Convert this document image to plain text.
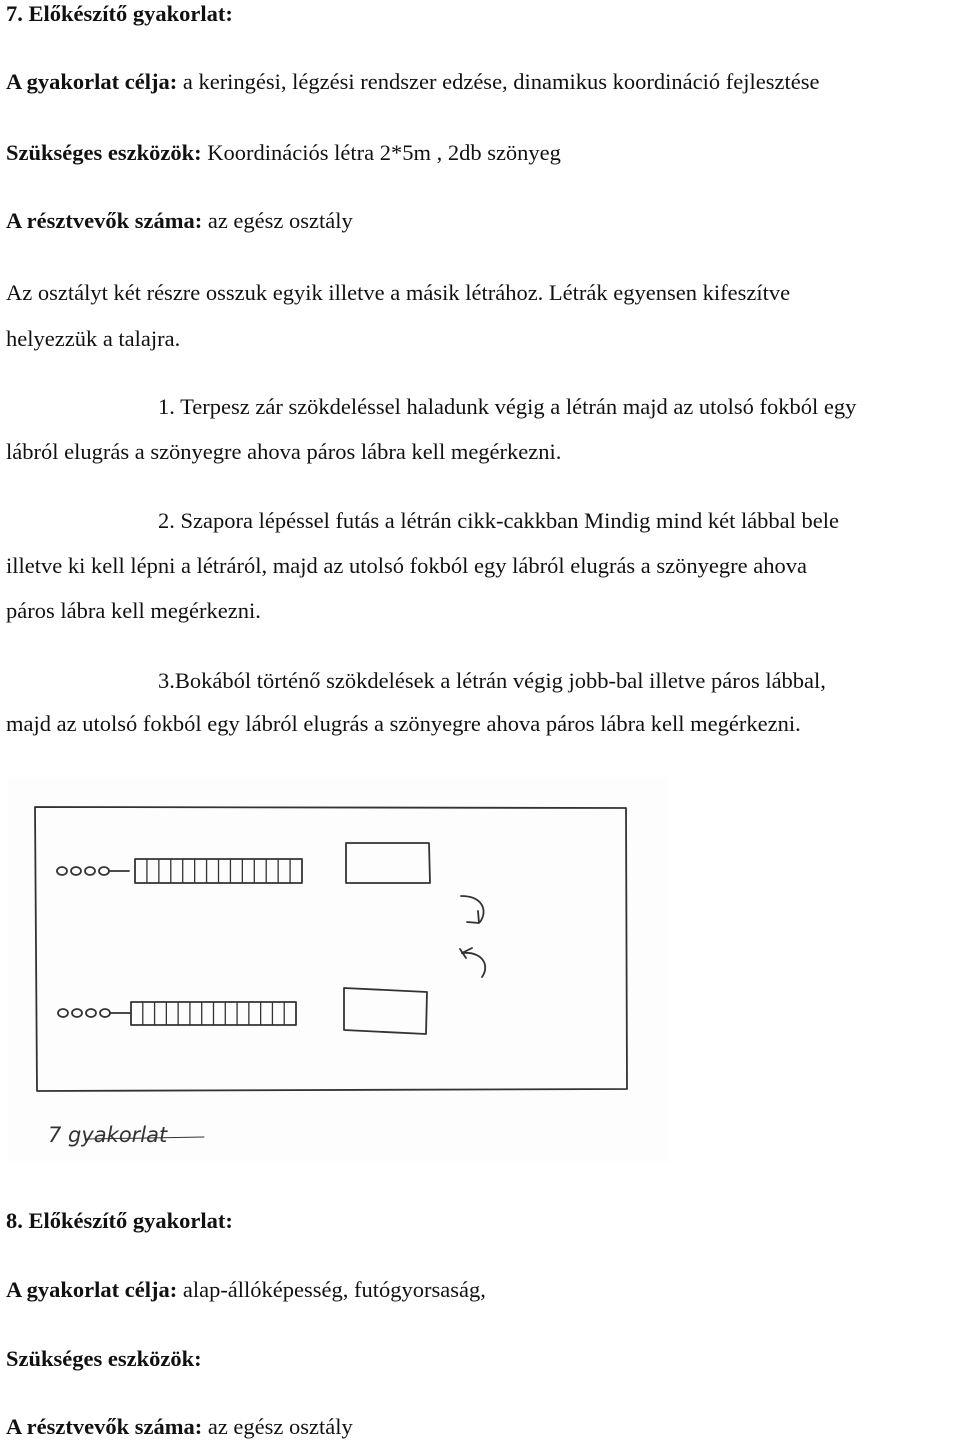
7. Előkészítő gyakorlat:
A gyakorlat célja: a keringési, légzési rendszer edzése, dinamikus koordináció fejlesztése
Szükséges eszközök: Koordinációs létra 2*5m , 2db szönyeg
A résztvevők száma: az egész osztály
Az osztályt két részre osszuk egyik illetve a másik létrához. Létrák egyensen kifeszítve
helyezzük a talajra.
1. Terpesz zár szökdeléssel haladunk végig a létrán majd az utolsó fokból egy
lábról elugrás a szönyegre ahova páros lábra kell megérkezni.
2. Szapora lépéssel futás a létrán cikk-cakkban Mindig mind két lábbal bele
illetve ki kell lépni a létráról, majd az utolsó fokból egy lábról elugrás a szönyegre ahova
páros lábra kell megérkezni.
3.Bokából történő szökdelések a létrán végig jobb-bal illetve páros lábbal,
majd az utolsó fokból egy lábról elugrás a szönyegre ahova páros lábra kell megérkezni.
7 gyakorlat
8. Előkészítő gyakorlat:
A gyakorlat célja: alap-állóképesség, futógyorsaság,
Szükséges eszközök:
A résztvevők száma: az egész osztály
